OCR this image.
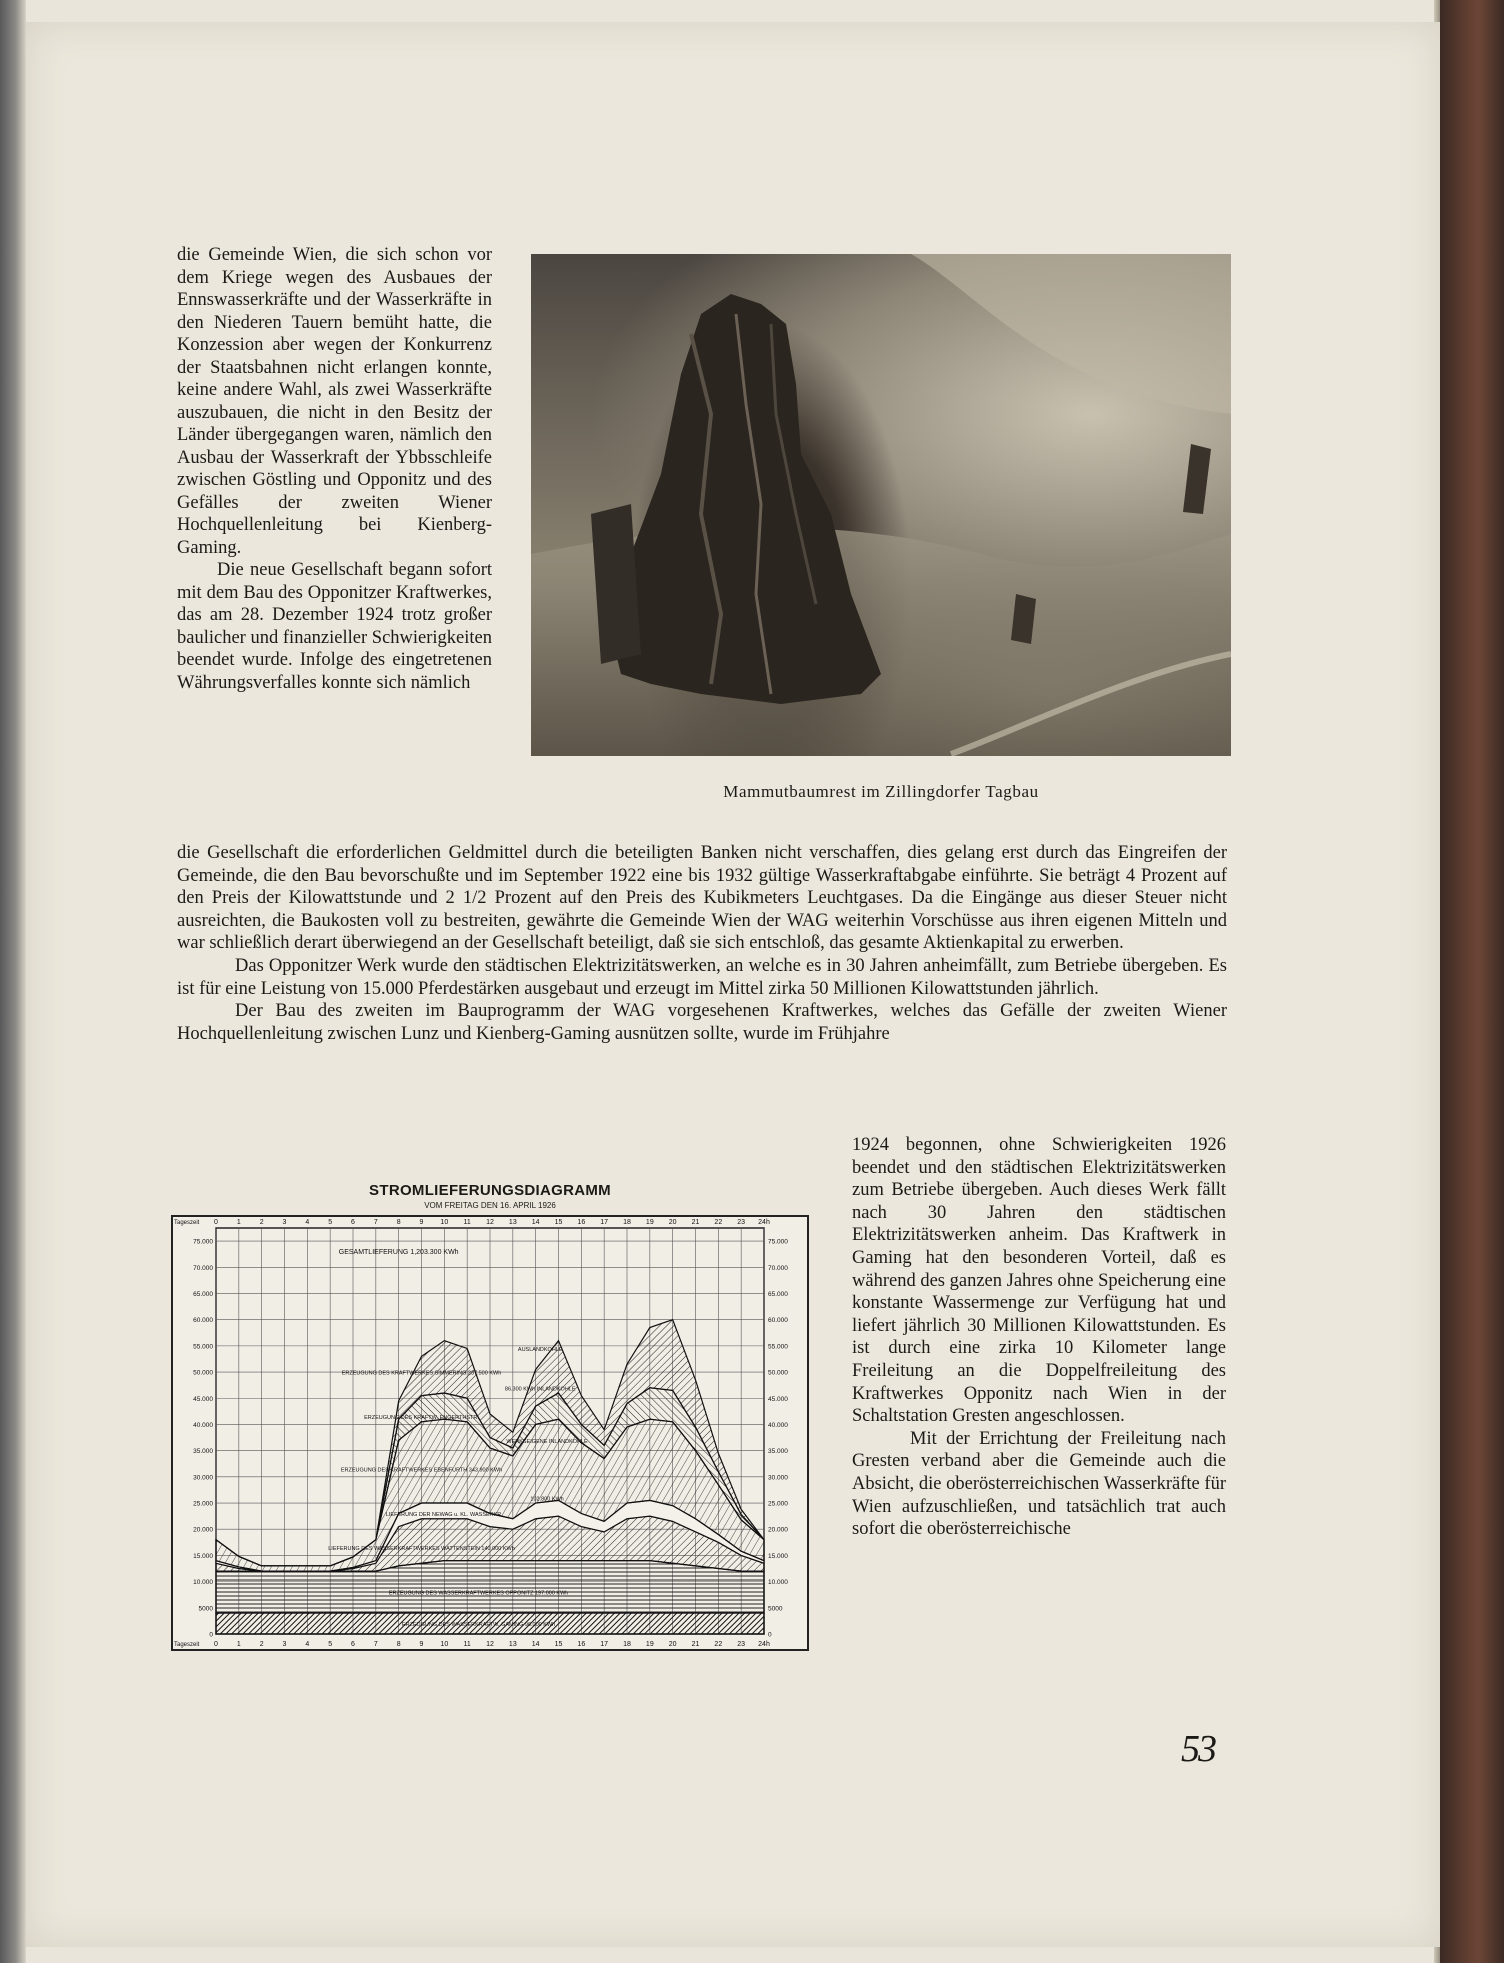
die Gemeinde Wien, die sich schon vor dem Kriege wegen des Ausbaues der Ennswasserkräfte und der Wasserkräfte in den Niederen Tauern bemüht hatte, die Konzession aber wegen der Konkurrenz der Staatsbahnen nicht erlangen konnte, keine andere Wahl, als zwei Wasserkräfte auszubauen, die nicht in den Besitz der Länder übergegangen waren, nämlich den Ausbau der Wasserkraft der Ybbsschleife zwischen Göstling und Opponitz und des Gefälles der zweiten Wiener Hochquellenleitung bei Kienberg-Gaming.

Die neue Gesellschaft begann sofort mit dem Bau des Opponitzer Kraftwerkes, das am 28. Dezember 1924 trotz großer baulicher und finanzieller Schwierigkeiten beendet wurde. Infolge des eingetretenen Währungsverfalles konnte sich nämlich

Mammutbaumrest im Zillingdorfer Tagbau

die Gesellschaft die erforderlichen Geldmittel durch die beteiligten Banken nicht verschaffen, dies gelang erst durch das Eingreifen der Gemeinde, die den Bau bevorschußte und im September 1922 eine bis 1932 gültige Wasserkraftabgabe einführte. Sie beträgt 4 Prozent auf den Preis der Kilowattstunde und 2 1/2 Prozent auf den Preis des Kubikmeters Leuchtgases. Da die Eingänge aus dieser Steuer nicht ausreichten, die Baukosten voll zu bestreiten, gewährte die Gemeinde Wien der WAG weiterhin Vorschüsse aus ihren eigenen Mitteln und war schließlich derart überwiegend an der Gesellschaft beteiligt, daß sie sich entschloß, das gesamte Aktienkapital zu erwerben.

Das Opponitzer Werk wurde den städtischen Elektrizitätswerken, an welche es in 30 Jahren anheimfällt, zum Betriebe übergeben. Es ist für eine Leistung von 15.000 Pferdestärken ausgebaut und erzeugt im Mittel zirka 50 Millionen Kilowattstunden jährlich.

Der Bau des zweiten im Bauprogramm der WAG vorgesehenen Kraftwerkes, welches das Gefälle der zweiten Wiener Hochquellenleitung zwischen Lunz und Kienberg-Gaming ausnützen sollte, wurde im Frühjahre

STROMLIEFERUNGSDIAGRAMM
VOM FREITAG DEN 16. APRIL 1926
ERZEUGUNG DES WASSERKRAFTW. GAMING 96.000 KWh
ERZEUGUNG DES WASSERKRAFTWERKES OPPONITZ 197.000 KWh
LIEFERUNG DES WASSERKRAFTWERKES WATTENSTEIN 140.000 KWh
LIEFERUNG DER NEWAG u. KL. WASSERKR.
ERZEUGUNG DES KRAFTWERKES EBENFURTH 343.900 KWh
ERZEUGUNG DES KRAFTW. ENGERTHSTR.
ERZEUGUNG DES KRAFTWERKES SIMMERING 237.500 KWh
GESAMTLIEFERUNG 1,203.300 KWh
AUSLANDKOHLE
86.300 KWh INLANDKOHLE
WERKSEIGENE INLANDKOHLE
102.800 KWh
0
0
1
1
2
2
3
3
4
4
5
5
6
6
7
7
8
8
9
9
10
10
11
11
12
12
13
13
14
14
15
15
16
16
17
17
18
18
19
19
20
20
21
21
22
22
23
23
24h
24h
Tageszeit
Tageszeit
0	0
5000	5000
10.000	10.000
15.000	15.000
20.000	20.000
25.000	25.000
30.000	30.000
35.000	35.000
40.000	40.000
45.000	45.000
50.000	50.000
55.000	55.000
60.000	60.000
65.000	65.000
70.000	70.000
75.000	75.000

1924 begonnen, ohne Schwierigkeiten 1926 beendet und den städtischen Elektrizitätswerken zum Betriebe übergeben. Auch dieses Werk fällt nach 30 Jahren den städtischen Elektrizitätswerken anheim. Das Kraftwerk in Gaming hat den besonderen Vorteil, daß es während des ganzen Jahres ohne Speicherung eine konstante Wassermenge zur Verfügung hat und liefert jährlich 30 Millionen Kilowattstunden. Es ist durch eine zirka 10 Kilometer lange Freileitung an die Doppelfreileitung des Kraftwerkes Opponitz nach Wien in der Schaltstation Gresten angeschlossen.

Mit der Errichtung der Freileitung nach Gresten verband aber die Gemeinde auch die Absicht, die oberösterreichischen Wasserkräfte für Wien aufzuschließen, und tatsächlich trat auch sofort die oberösterreichische

53
